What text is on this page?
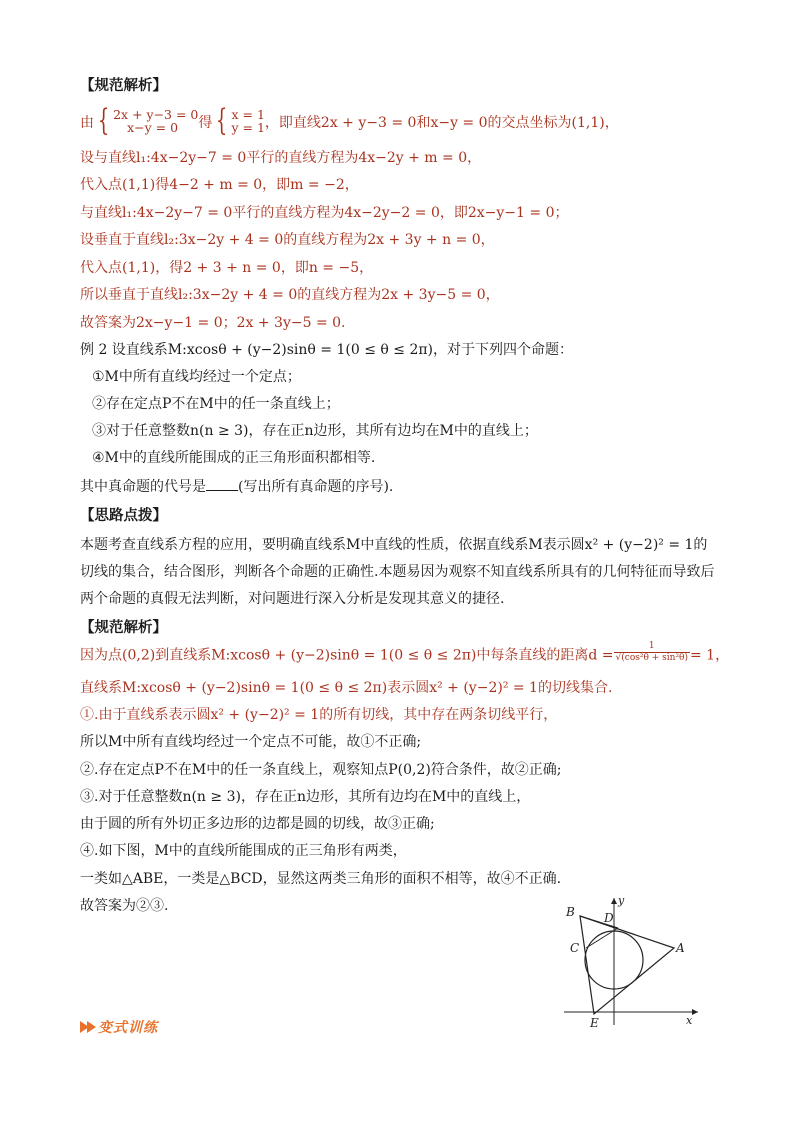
【规范解析】
由 { 2x + y−3 = 0
x−y = 0	得 { x = 1
y = 1 ，即直线2x + y−3 = 0和x−y = 0的交点坐标为(1,1)，
设与直线l₁:4x−2y−7 = 0平行的直线方程为4x−2y + m = 0，
代入点(1,1)得4−2 + m = 0，即m = −2，
与直线l₁:4x−2y−7 = 0平行的直线方程为4x−2y−2 = 0，即2x−y−1 = 0；
设垂直于直线l₂:3x−2y + 4 = 0的直线方程为2x + 3y + n = 0，
代入点(1,1)，得2 + 3 + n = 0，即n = −5，
所以垂直于直线l₂:3x−2y + 4 = 0的直线方程为2x + 3y−5 = 0，
故答案为2x−y−1 = 0；2x + 3y−5 = 0.
例 2 设直线系M:xcosθ + (y−2)sinθ = 1(0 ≤ θ ≤ 2π)，对于下列四个命题：
①M中所有直线均经过一个定点；
②存在定点P不在M中的任一条直线上；
③对于任意整数n(n ≥ 3)，存在正n边形，其所有边均在M中的直线上；
④M中的直线所能围成的正三角形面积都相等.
其中真命题的代号是 (写出所有真命题的序号).
【思路点拨】
本题考查直线系方程的应用，要明确直线系M中直线的性质，依据直线系M表示圆x² + (y−2)² = 1的切线的集合，结合图形，判断各个命题的正确性.本题易因为观察不知直线系所具有的几何特征而导致后两个命题的真假无法判断，对问题进行深入分析是发现其意义的捷径.
【规范解析】
因为点(0,2)到直线系M:xcosθ + (y−2)sinθ = 1(0 ≤ θ ≤ 2π)中每条直线的距离$d = \frac{1}{\text{√(cos²θ + sin²θ)}} = 1$，
直线系M:xcosθ + (y−2)sinθ = 1(0 ≤ θ ≤ 2π)表示圆x² + (y−2)² = 1的切线集合.
①.由于直线系表示圆x² + (y−2)² = 1的所有切线，其中存在两条切线平行，
所以M中所有直线均经过一个定点不可能，故①不正确;
②.存在定点P不在M中的任一条直线上，观察知点P(0,2)符合条件，故②正确;
③.对于任意整数n(n ≥ 3)，存在正n边形，其所有边均在M中的直线上，
由于圆的所有外切正多边形的边都是圆的切线，故③正确;
④.如下图，M中的直线所能围成的正三角形有两类，
一类如△ABE，一类是△BCD，显然这两类三角形的面积不相等，故④不正确.
故答案为②③.	B D
C	A
E
y
x
变式训练
